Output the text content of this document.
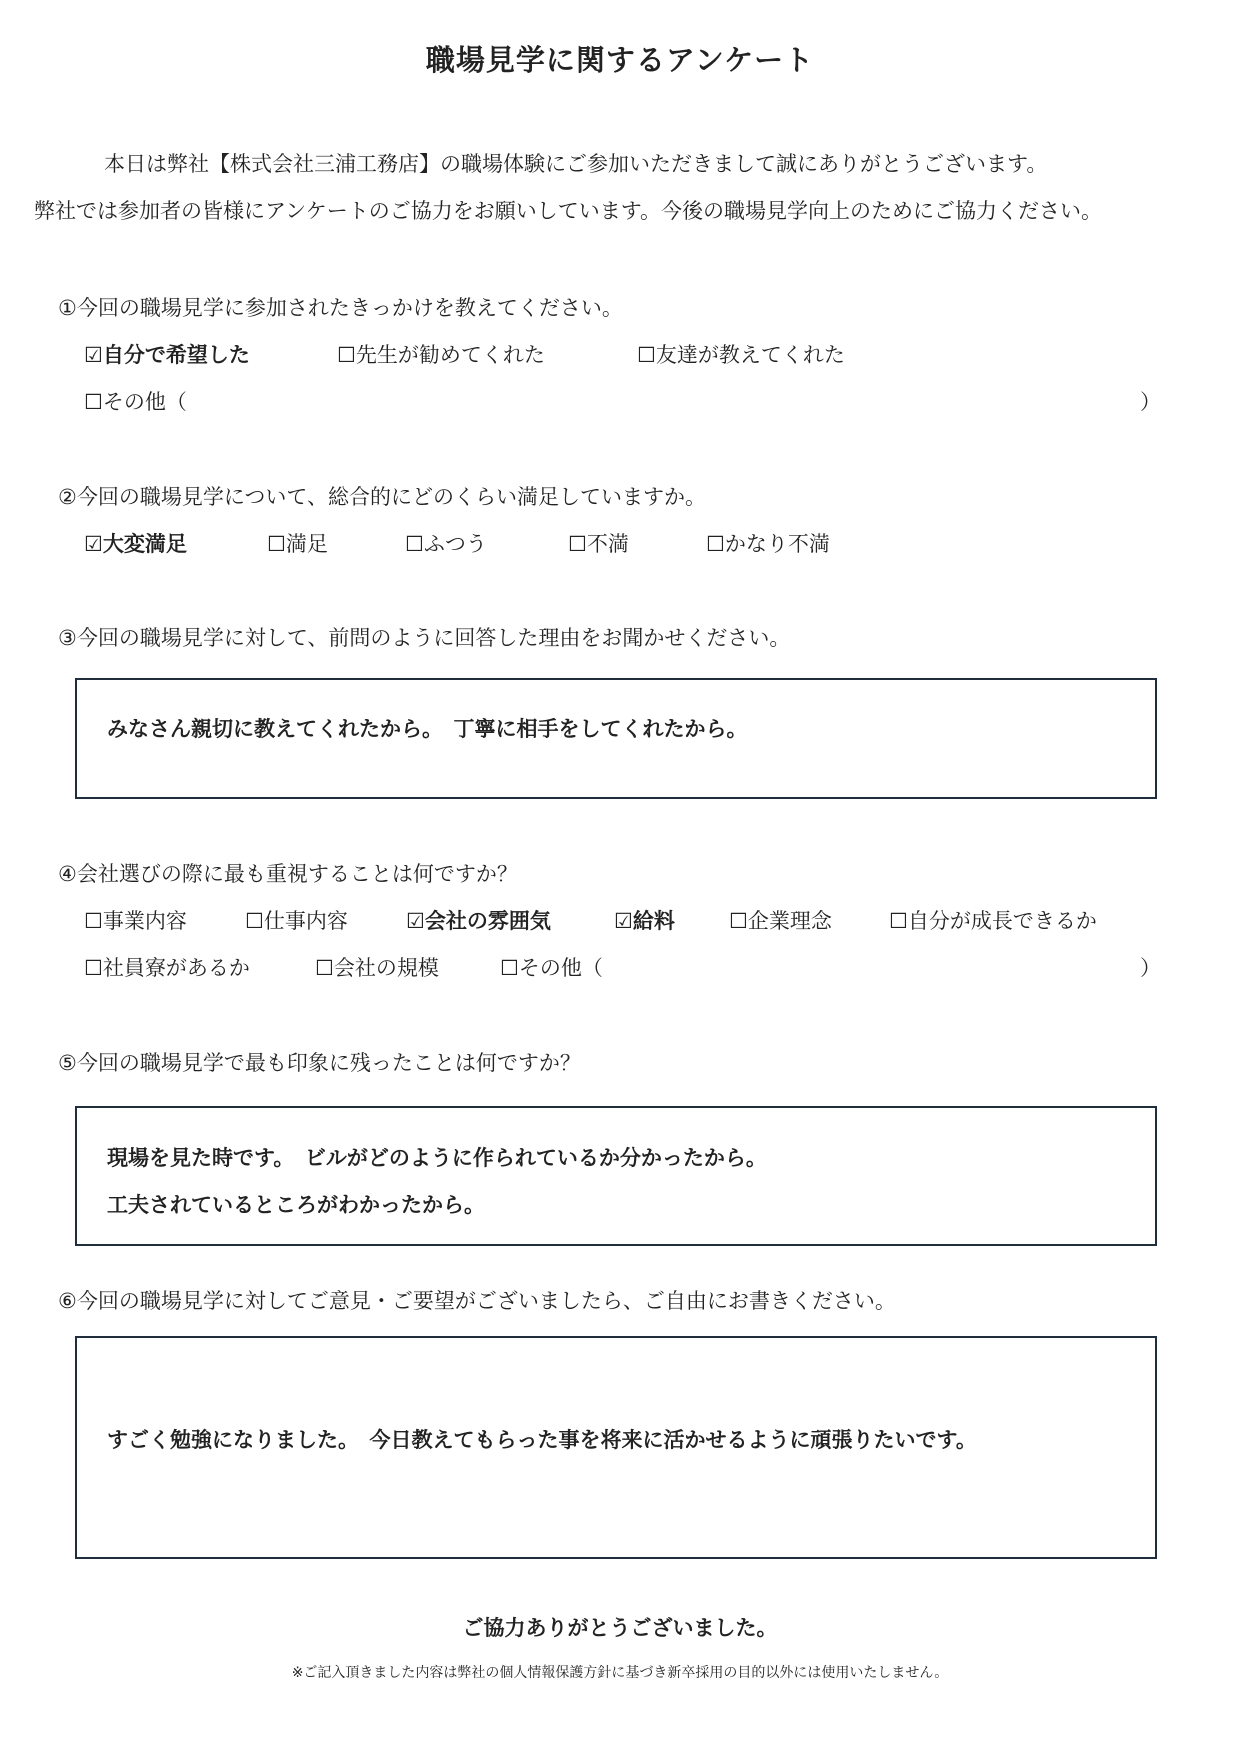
職場見学に関するアンケート
本日は弊社【株式会社三浦工務店】の職場体験にご参加いただきまして誠にありがとうございます。
弊社では参加者の皆様にアンケートのご協力をお願いしています。今後の職場見学向上のためにご協力ください。
①今回の職場見学に参加されたきっかけを教えてください。
☑自分で希望した	☐先生が勧めてくれた	☐友達が教えてくれた
☐その他（	）
②今回の職場見学について、総合的にどのくらい満足していますか。
☑大変満足	☐満足	☐ふつう	☐不満	☐かなり不満
③今回の職場見学に対して、前問のように回答した理由をお聞かせください。
みなさん親切に教えてくれたから。　丁寧に相手をしてくれたから。
④会社選びの際に最も重視することは何ですか？
☐事業内容	☐仕事内容	☑会社の雰囲気	☑給料	☐企業理念	☐自分が成長できるか
☐社員寮があるか	☐会社の規模	☐その他（	）
⑤今回の職場見学で最も印象に残ったことは何ですか？
現場を見た時です。　ビルがどのように作られているか分かったから。
工夫されているところがわかったから。
⑥今回の職場見学に対してご意見・ご要望がございましたら、ご自由にお書きください。
すごく勉強になりました。　今日教えてもらった事を将来に活かせるように頑張りたいです。
ご協力ありがとうございました。
※ご記入頂きました内容は弊社の個人情報保護方針に基づき新卒採用の目的以外には使用いたしません。
